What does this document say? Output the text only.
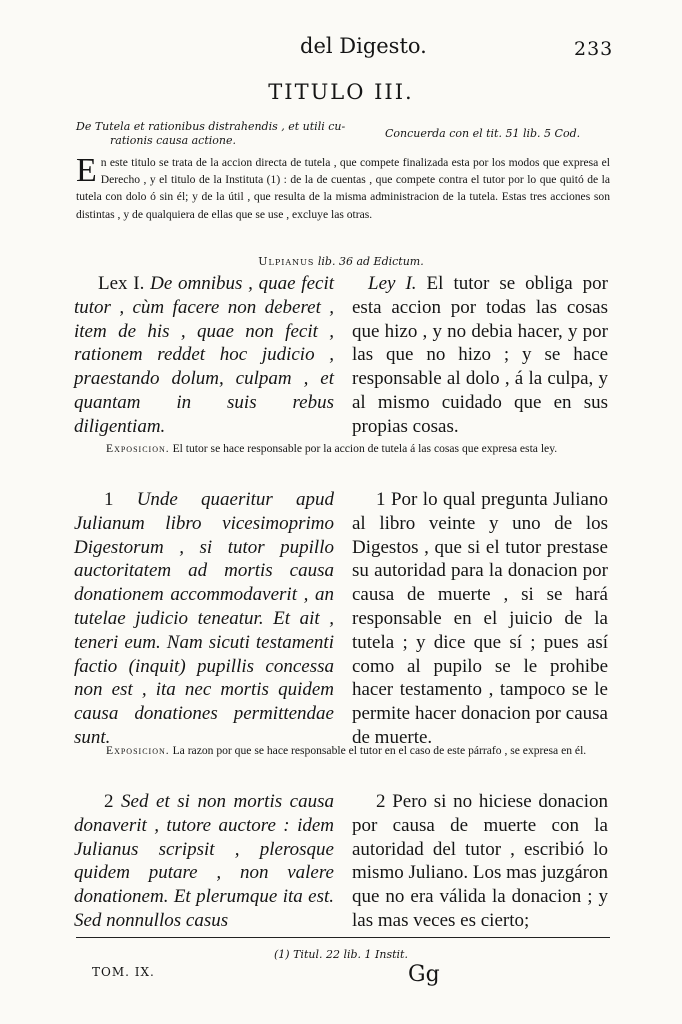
del Digesto.	233
TITULO III.
De Tutela et rationibus distrahendis , et utili cu-
rationis causa actione.
Concuerda con el tit. 51 lib. 5 Cod.
En este titulo se trata de la accion directa de tutela , que compete finalizada esta por los modos que expresa el Derecho , y el titulo de la Instituta (1) : de la de cuentas , que compete contra el tutor por lo que quitó de la tutela con dolo ó sin él; y de la útil , que resulta de la misma administracion de la tutela. Estas tres acciones son distintas , y de qualquiera de ellas que se use , excluye las otras.
Ulpianus lib. 36 ad Edictum.
Lex I. De omnibus , quae fecit tutor , cùm facere non deberet , item de his , quae non fecit , rationem reddet hoc judicio , praestando dolum, culpam , et quantam in suis rebus diligentiam.
Ley I. El tutor se obliga por esta accion por todas las cosas que hizo , y no debia hacer, y por las que no hizo ; y se hace responsable al dolo , á la culpa, y al mismo cuidado que en sus propias cosas.
Exposicion. El tutor se hace responsable por la accion de tutela á las cosas que expresa esta ley.
1 Unde quaeritur apud Julianum libro vicesimoprimo Digestorum , si tutor pupillo auctoritatem ad mortis causa donationem accommodaverit , an tutelae judicio teneatur. Et ait , teneri eum. Nam sicuti testamenti factio (inquit) pupillis concessa non est , ita nec mortis quidem causa donationes permittendae sunt.
1 Por lo qual pregunta Juliano al libro veinte y uno de los Digestos , que si el tutor prestase su autoridad para la donacion por causa de muerte , si se hará responsable en el juicio de la tutela ; y dice que sí ; pues así como al pupilo se le prohibe hacer testamento , tampoco se le permite hacer donacion por causa de muerte.
Exposicion. La razon por que se hace responsable el tutor en el caso de este párrafo , se expresa en él.
2 Sed et si non mortis causa donaverit , tutore auctore : idem Julianus scripsit , plerosque quidem putare , non valere donationem. Et plerumque ita est. Sed nonnullos casus
2 Pero si no hiciese donacion por causa de muerte con la autoridad del tutor , escribió lo mismo Juliano. Los mas juzgáron que no era válida la donacion ; y las mas veces es cierto;
(1) Titul. 22 lib. 1 Instit.
TOM. IX.	Gg
